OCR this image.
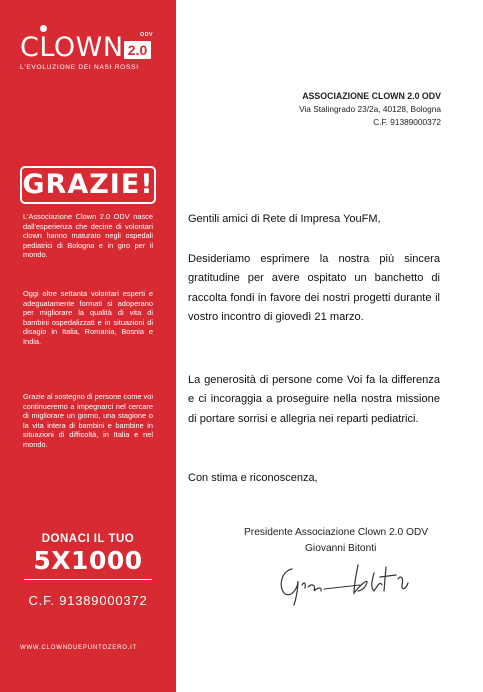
CLOWN 2.0
ODV
L'EVOLUZIONE DEI NASI ROSSI
GRAZIE!

L'Associazione Clown 2.0 ODV nasce dall'esperienza che decine di volontari clown hanno maturato negli ospedali pediatrici di Bologna e in giro per il mondo.

Oggi oltre settanta volontari esperti e adeguatamente formati si adoperano per migliorare la qualità di vita di bambini ospedalizzati e in situazioni di disagio in Italia, Romania, Bosnia e India.

Grazie al sostegno di persone come voi continueremo a impegnarci nel cercare di migliorare un giorno, una stagione o la vita intera di bambini e bambine in situazioni di difficoltà, in Italia e nel mondo.

DONACI IL TUO
5X1000
C.F. 91389000372
WWW.CLOWNDUEPUNTOZERO.IT
ASSOCIAZIONE CLOWN 2.0 ODV
Via Stalingrado 23/2a, 40128, Bologna
C.F. 91389000372

Gentili amici di Rete di Impresa YouFM,

Desideriamo esprimere la nostra più sincera gratitudine per avere ospitato un banchetto di raccolta fondi in favore dei nostri progetti durante il vostro incontro di giovedì 21 marzo.

La generosità di persone come Voi fa la differenza e ci incoraggia a proseguire nella nostra missione di portare sorrisi e allegria nei reparti pediatrici.

Con stima e riconoscenza,

Presidente Associazione Clown 2.0 ODV
Giovanni Bitonti
